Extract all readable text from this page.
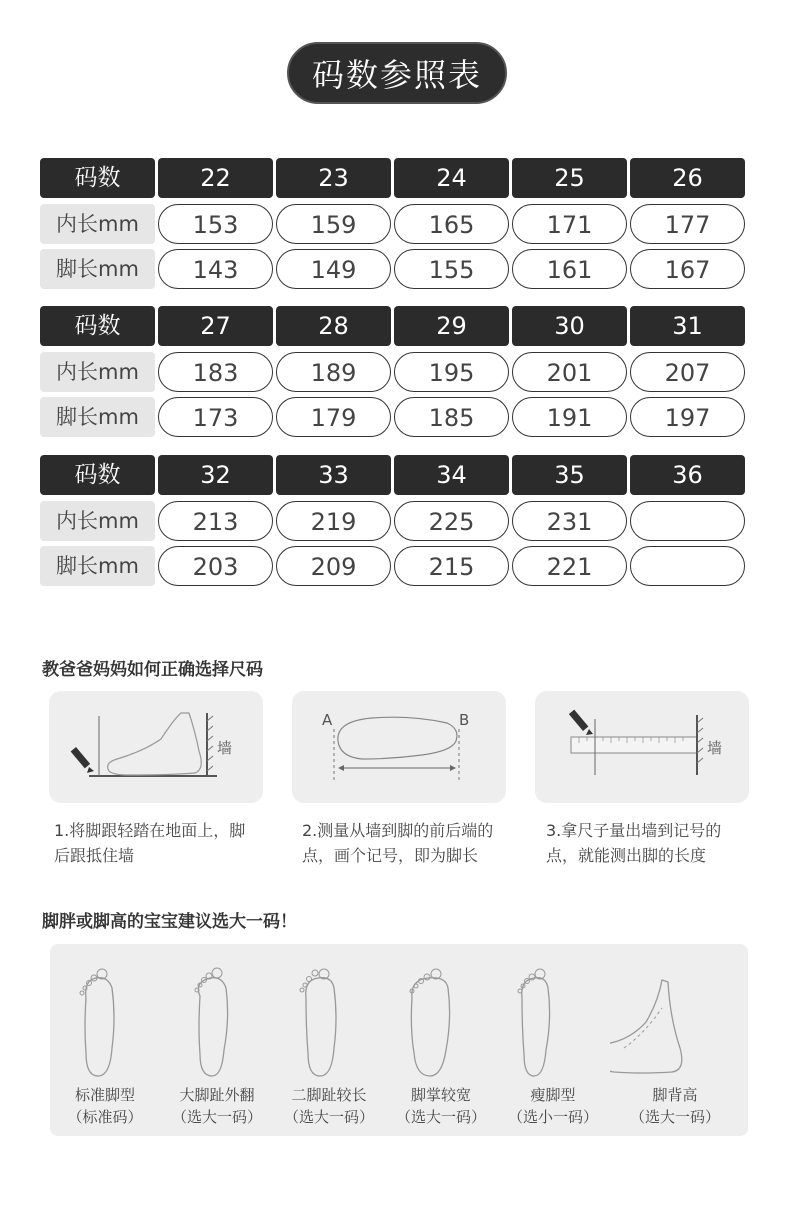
码数参照表
码数	22	23	24	25	26
内长mm	153	159	165	171	177
脚长mm	143	149	155	161	167
码数	27	28	29	30	31
内长mm	183	189	195	201	207
脚长mm	173	179	185	191	197
码数	32	33	34	35	36
内长mm	213	219	225	231
脚长mm	203	209	215	221
教爸爸妈妈如何正确选择尺码
墙
1.将脚跟轻踏在地面上，脚后跟抵住墙
A	B
2.测量从墙到脚的前后端的点，画个记号，即为脚长
墙
3.拿尺子量出墙到记号的点，就能测出脚的长度
脚胖或脚高的宝宝建议选大一码！
标准脚型
（标准码）
大脚趾外翻
（选大一码）
二脚趾较长
（选大一码）
脚掌较宽
（选大一码）
瘦脚型
（选小一码）
脚背高
（选大一码）
